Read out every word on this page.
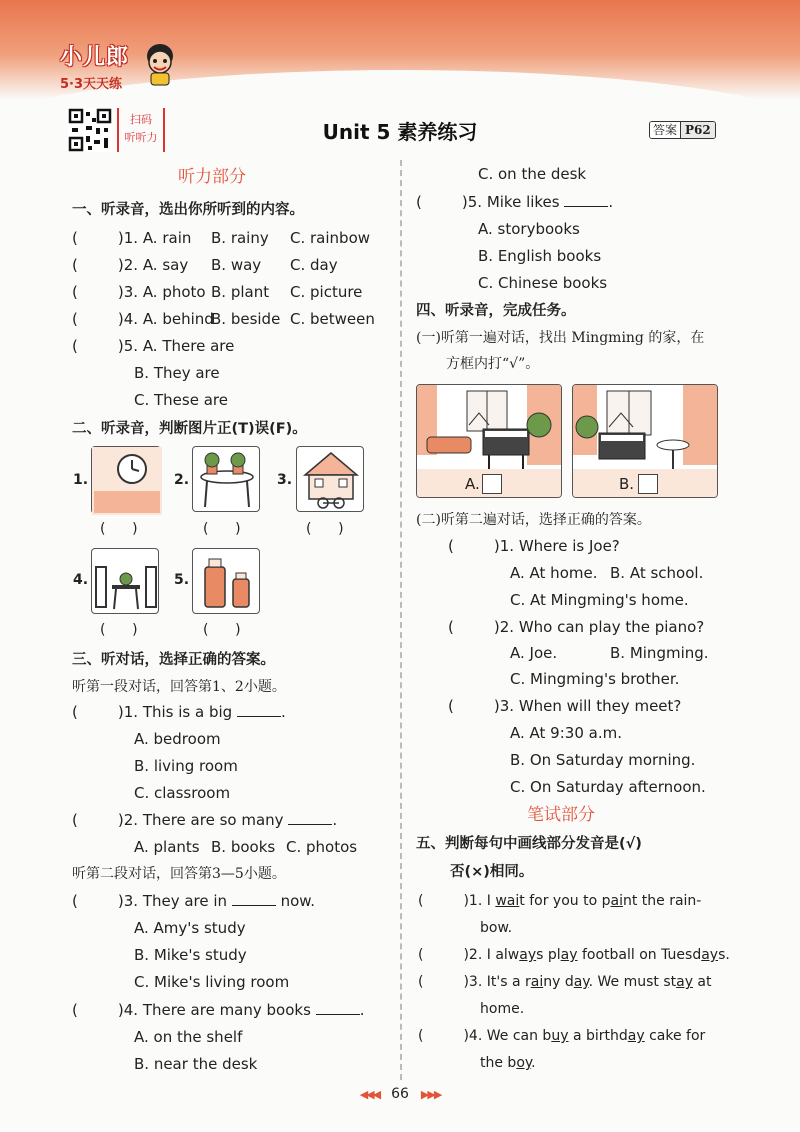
小儿郎
5·3天天练
扫码
听听力	Unit 5 素养练习	答案 P62
听力部分
一、听录音，选出你所听到的内容。
(	)1. A. rain B. rainy C. rainbow
(	)2. A. say B. way C. day
(	)3. A. photo B. plant C. picture
(	)4. A. behind
B. beside C. between
(	)5. A. There are
B. They are
C. These are
二、听录音，判断图片正(T)误(F)。
1.
(      )
2.
(      )
3.
(      )
4.
(      )
5.
(      )
三、听对话，选择正确的答案。
听第一段对话，回答第1、2小题。
(	)1. This is a big	.
A. bedroom
B. living room
C. classroom
(	)2. There are so many	.
A. plants B. books C. photos
听第二段对话，回答第3—5小题。
(	)3. They are in	now.
A. Amy's study
B. Mike's study
C. Mike's living room
(	)4. There are many books	.
A. on the shelf
B. near the desk
C. on the desk
(	)5. Mike likes	.
A. storybooks
B. English books
C. Chinese books
四、听录音，完成任务。
(一)听第一遍对话，找出 Mingming 的家，在
方框内打“√”。
A.	B.
(二)听第二遍对话，选择正确的答案。
(	)1. Where is Joe?
A. At home. B. At school.
C. At Mingming's home.
(	)2. Who can play the piano?
A. Joe.	B. Mingming.
C. Mingming's brother.
(	)3. When will they meet?
A. At 9:30 a.m.
B. On Saturday morning.
C. On Saturday afternoon.
笔试部分
五、判断每句中画线部分发音是(√)
否(×)相同。
(	)1. I wait for you to paint the rain-
bow.
(	)2. I always play football on Tuesdays.
(	)3. It's a rainy day. We must stay at
home.
(	)4. We can buy a birthday cake for
the boy.
◀◀◀ 66 ▶▶▶
